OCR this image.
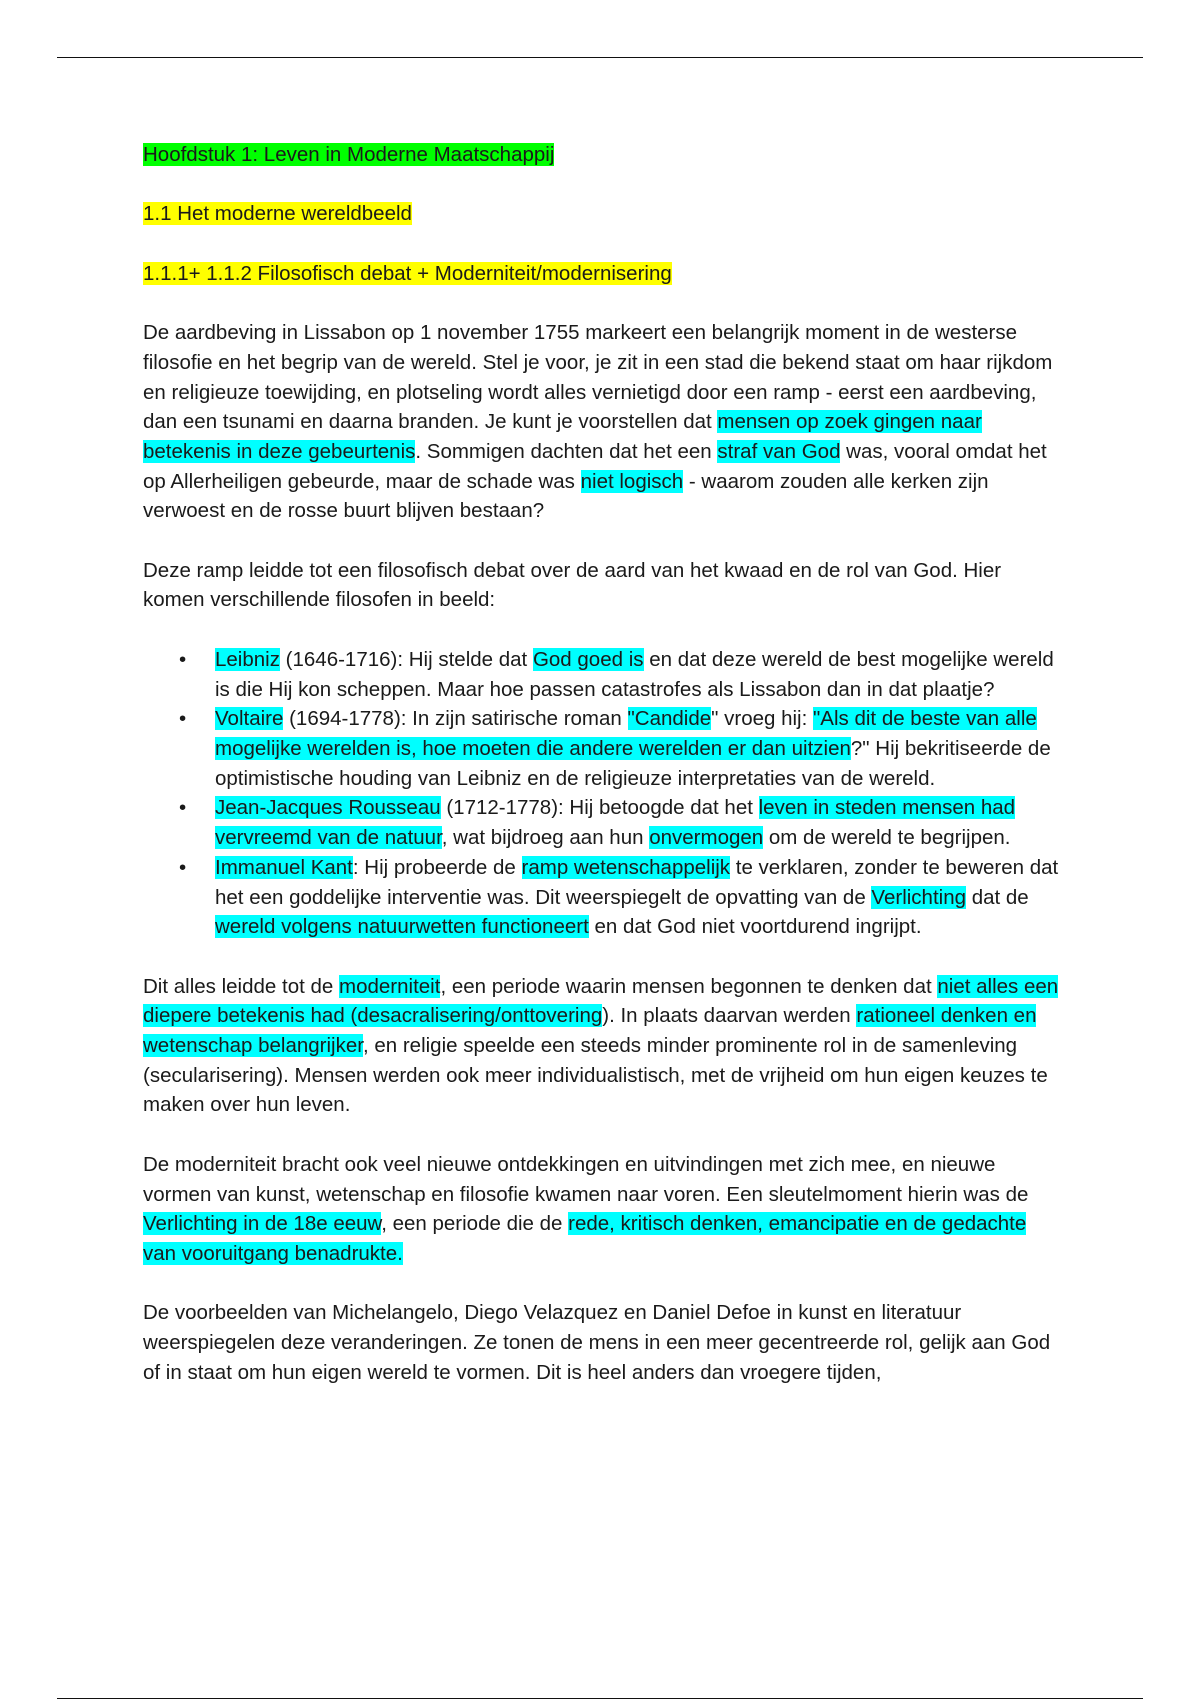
Hoofdstuk 1: Leven in Moderne Maatschappij
1.1 Het moderne wereldbeeld
1.1.1+ 1.1.2 Filosofisch debat + Moderniteit/modernisering

De aardbeving in Lissabon op 1 november 1755 markeert een belangrijk moment in de westerse filosofie en het begrip van de wereld. Stel je voor, je zit in een stad die bekend staat om haar rijkdom en religieuze toewijding, en plotseling wordt alles vernietigd door een ramp - eerst een aardbeving, dan een tsunami en daarna branden. Je kunt je voorstellen dat mensen op zoek gingen naar betekenis in deze gebeurtenis. Sommigen dachten dat het een straf van God was, vooral omdat het op Allerheiligen gebeurde, maar de schade was niet logisch - waarom zouden alle kerken zijn verwoest en de rosse buurt blijven bestaan?

Deze ramp leidde tot een filosofisch debat over de aard van het kwaad en de rol van God. Hier komen verschillende filosofen in beeld:

• Leibniz (1646-1716): Hij stelde dat God goed is en dat deze wereld de best mogelijke wereld is die Hij kon scheppen. Maar hoe passen catastrofes als Lissabon dan in dat plaatje?
• Voltaire (1694-1778): In zijn satirische roman "Candide" vroeg hij: "Als dit de beste van alle mogelijke werelden is, hoe moeten die andere werelden er dan uitzien?" Hij bekritiseerde de optimistische houding van Leibniz en de religieuze interpretaties van de wereld.
• Jean-Jacques Rousseau (1712-1778): Hij betoogde dat het leven in steden mensen had vervreemd van de natuur, wat bijdroeg aan hun onvermogen om de wereld te begrijpen.
• Immanuel Kant: Hij probeerde de ramp wetenschappelijk te verklaren, zonder te beweren dat het een goddelijke interventie was. Dit weerspiegelt de opvatting van de Verlichting dat de wereld volgens natuurwetten functioneert en dat God niet voortdurend ingrijpt.

Dit alles leidde tot de moderniteit, een periode waarin mensen begonnen te denken dat niet alles een diepere betekenis had (desacralisering/onttovering). In plaats daarvan werden rationeel denken en wetenschap belangrijker, en religie speelde een steeds minder prominente rol in de samenleving (secularisering). Mensen werden ook meer individualistisch, met de vrijheid om hun eigen keuzes te maken over hun leven.

De moderniteit bracht ook veel nieuwe ontdekkingen en uitvindingen met zich mee, en nieuwe vormen van kunst, wetenschap en filosofie kwamen naar voren. Een sleutelmoment hierin was de Verlichting in de 18e eeuw, een periode die de rede, kritisch denken, emancipatie en de gedachte van vooruitgang benadrukte.

De voorbeelden van Michelangelo, Diego Velazquez en Daniel Defoe in kunst en literatuur weerspiegelen deze veranderingen. Ze tonen de mens in een meer gecentreerde rol, gelijk aan God of in staat om hun eigen wereld te vormen. Dit is heel anders dan vroegere tijden,
